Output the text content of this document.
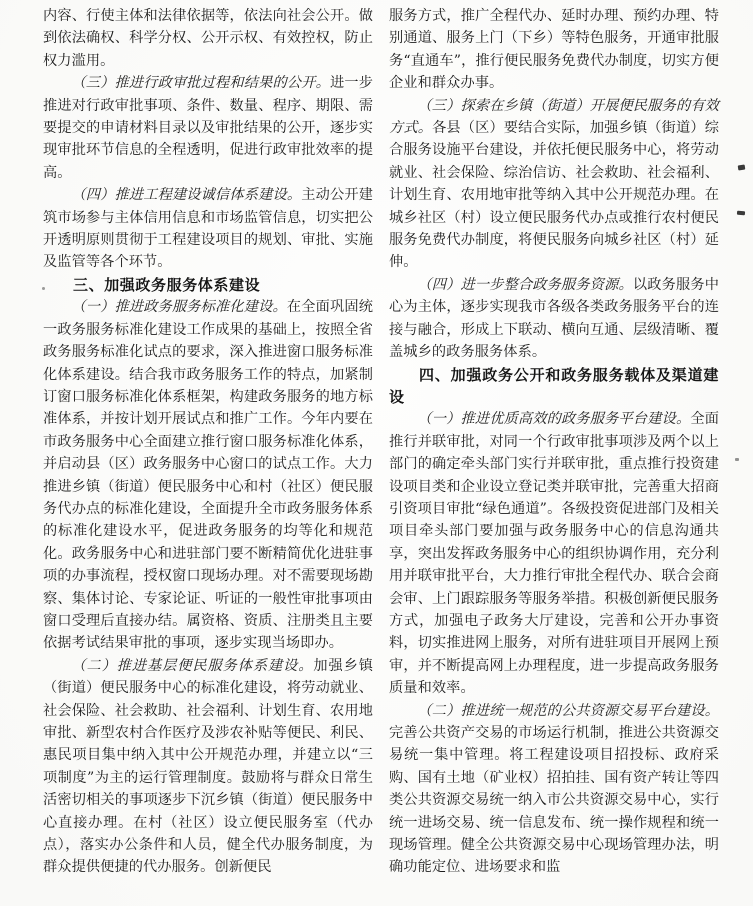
内容、行使主体和法律依据等，依法向社会公开。做到依法确权、科学分权、公开示权、有效控权，防止权力滥用。

（三）推进行政审批过程和结果的公开。进一步推进对行政审批事项、条件、数量、程序、期限、需要提交的申请材料目录以及审批结果的公开，逐步实现审批环节信息的全程透明，促进行政审批效率的提高。

（四）推进工程建设诚信体系建设。主动公开建筑市场参与主体信用信息和市场监管信息，切实把公开透明原则贯彻于工程建设项目的规划、审批、实施及监管等各个环节。

三、加强政务服务体系建设

（一）推进政务服务标准化建设。在全面巩固统一政务服务标准化建设工作成果的基础上，按照全省政务服务标准化试点的要求，深入推进窗口服务标准化体系建设。结合我市政务服务工作的特点，加紧制订窗口服务标准化体系框架，构建政务服务的地方标准体系，并按计划开展试点和推广工作。今年内要在市政务服务中心全面建立推行窗口服务标准化体系，并启动县（区）政务服务中心窗口的试点工作。大力推进乡镇（街道）便民服务中心和村（社区）便民服务代办点的标准化建设，全面提升全市政务服务体系的标准化建设水平，促进政务服务的均等化和规范化。政务服务中心和进驻部门要不断精简优化进驻事项的办事流程，授权窗口现场办理。对不需要现场勘察、集体讨论、专家论证、听证的一般性审批事项由窗口受理后直接办结。属资格、资质、注册类且主要依据考试结果审批的事项，逐步实现当场即办。

（二）推进基层便民服务体系建设。加强乡镇（街道）便民服务中心的标准化建设，将劳动就业、社会保险、社会救助、社会福利、计划生育、农用地审批、新型农村合作医疗及涉农补贴等便民、利民、惠民项目集中纳入其中公开规范办理，并建立以“三项制度”为主的运行管理制度。鼓励将与群众日常生活密切相关的事项逐步下沉乡镇（街道）便民服务中心直接办理。在村（社区）设立便民服务室（代办点），落实办公条件和人员，健全代办服务制度，为群众提供便捷的代办服务。创新便民

服务方式，推广全程代办、延时办理、预约办理、特别通道、服务上门（下乡）等特色服务，开通审批服务“直通车”，推行便民服务免费代办制度，切实方便企业和群众办事。

（三）探索在乡镇（街道）开展便民服务的有效方式。各县（区）要结合实际，加强乡镇（街道）综合服务设施平台建设，并依托便民服务中心，将劳动就业、社会保险、综治信访、社会救助、社会福利、计划生育、农用地审批等纳入其中公开规范办理。在城乡社区（村）设立便民服务代办点或推行农村便民服务免费代办制度，将便民服务向城乡社区（村）延伸。

（四）进一步整合政务服务资源。以政务服务中心为主体，逐步实现我市各级各类政务服务平台的连接与融合，形成上下联动、横向互通、层级清晰、覆盖城乡的政务服务体系。

四、加强政务公开和政务服务载体及渠道建设

（一）推进优质高效的政务服务平台建设。全面推行并联审批，对同一个行政审批事项涉及两个以上部门的确定牵头部门实行并联审批，重点推行投资建设项目类和企业设立登记类并联审批，完善重大招商引资项目审批“绿色通道”。各级投资促进部门及相关项目牵头部门要加强与政务服务中心的信息沟通共享，突出发挥政务服务中心的组织协调作用，充分利用并联审批平台，大力推行审批全程代办、联合会商会审、上门跟踪服务等服务举措。积极创新便民服务方式，加强电子政务大厅建设，完善和公开办事资料，切实推进网上服务，对所有进驻项目开展网上预审，并不断提高网上办理程度，进一步提高政务服务质量和效率。

（二）推进统一规范的公共资源交易平台建设。完善公共资产交易的市场运行机制，推进公共资源交易统一集中管理。将工程建设项目招投标、政府采购、国有土地（矿业权）招拍挂、国有资产转让等四类公共资源交易统一纳入市公共资源交易中心，实行统一进场交易、统一信息发布、统一操作规程和统一现场管理。健全公共资源交易中心现场管理办法，明确功能定位、进场要求和监
